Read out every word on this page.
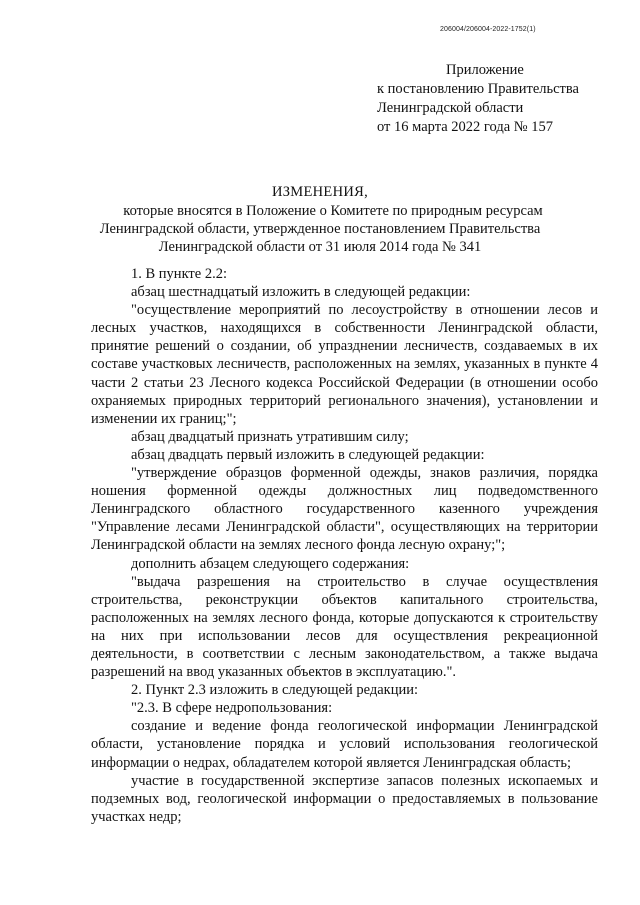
206004/206004-2022-1752(1)
Приложение
к постановлению Правительства
Ленинградской области
от 16 марта 2022 года № 157
ИЗМЕНЕНИЯ,
которые вносятся в Положение о Комитете по природным ресурсам
Ленинградской области, утвержденное постановлением Правительства
Ленинградской области от 31 июля 2014 года № 341

1. В пункте 2.2:

абзац шестнадцатый изложить в следующей редакции:

"осуществление мероприятий по лесоустройству в отношении лесов и лесных участков, находящихся в собственности Ленинградской области, принятие решений о создании, об упразднении лесничеств, создаваемых в их составе участковых лесничеств, расположенных на землях, указанных в пункте 4 части 2 статьи 23 Лесного кодекса Российской Федерации (в отношении особо охраняемых природных территорий регионального значения), установлении и изменении их границ;";

абзац двадцатый признать утратившим силу;

абзац двадцать первый изложить в следующей редакции:

"утверждение образцов форменной одежды, знаков различия, порядка ношения форменной одежды должностных лиц подведомственного Ленинградского областного государственного казенного учреждения "Управление лесами Ленинградской области", осуществляющих на территории Ленинградской области на землях лесного фонда лесную охрану;";

дополнить абзацем следующего содержания:

"выдача разрешения на строительство в случае осуществления строительства, реконструкции объектов капитального строительства, расположенных на землях лесного фонда, которые допускаются к строительству на них при использовании лесов для осуществления рекреационной деятельности, в соответствии с лесным законодательством, а также выдача разрешений на ввод указанных объектов в эксплуатацию.".

2. Пункт 2.3 изложить в следующей редакции:

"2.3. В сфере недропользования:

создание и ведение фонда геологической информации Ленинградской области, установление порядка и условий использования геологической информации о недрах, обладателем которой является Ленинградская область;

участие в государственной экспертизе запасов полезных ископаемых и подземных вод, геологической информации о предоставляемых в пользование участках недр;
